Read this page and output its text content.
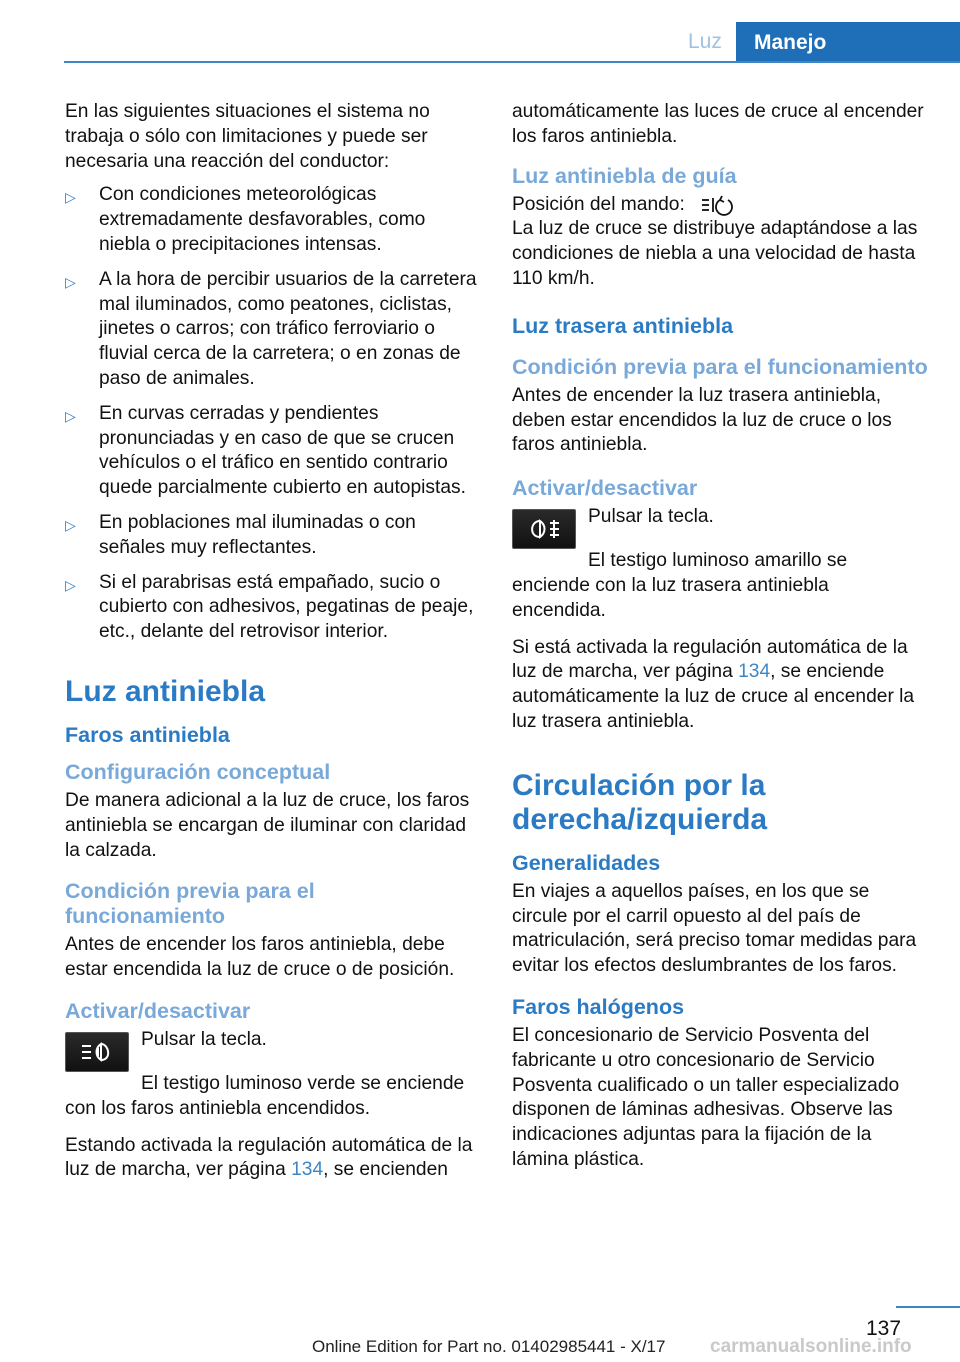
Luz	Manejo

En las siguientes situaciones el sistema no trabaja o sólo con limitaciones y puede ser necesaria una reacción del conductor:

▷ Con condiciones meteorológicas extremadamente desfavorables, como niebla o precipitaciones intensas.
▷ A la hora de percibir usuarios de la carretera mal iluminados, como peatones, ciclistas, jinetes o carros; con tráfico ferroviario o fluvial cerca de la carretera; o en zonas de paso de animales.
▷ En curvas cerradas y pendientes pronunciadas y en caso de que se crucen vehículos o el tráfico en sentido contrario quede parcialmente cubierto en autopistas.
▷ En poblaciones mal iluminadas o con señales muy reflectantes.
▷ Si el parabrisas está empañado, sucio o cubierto con adhesivos, pegatinas de peaje, etc., delante del retrovisor interior.
Luz antiniebla
Faros antiniebla
Configuración conceptual

De manera adicional a la luz de cruce, los faros antiniebla se encargan de iluminar con claridad la calzada.

Condición previa para el funcionamiento

Antes de encender los faros antiniebla, debe estar encendida la luz de cruce o de posición.

Activar/desactivar

Pulsar la tecla.

El testigo luminoso verde se enciende con los faros antiniebla encendidos.

Estando activada la regulación automática de la luz de marcha, ver página 134, se encienden

automáticamente las luces de cruce al encender los faros antiniebla.

Luz antiniebla de guía

Posición del mando:

La luz de cruce se distribuye adaptándose a las condiciones de niebla a una velocidad de hasta 110 km/h.

Luz trasera antiniebla
Condición previa para el funcionamiento

Antes de encender la luz trasera antiniebla, deben estar encendidos la luz de cruce o los faros antiniebla.

Activar/desactivar

Pulsar la tecla.

El testigo luminoso amarillo se enciende con la luz trasera antiniebla encendida.

Si está activada la regulación automática de la luz de marcha, ver página 134, se enciende automáticamente la luz de cruce al encender la luz trasera antiniebla.

Circulación por la derecha/izquierda
Generalidades

En viajes a aquellos países, en los que se circule por el carril opuesto al del país de matriculación, será preciso tomar medidas para evitar los efectos deslumbrantes de los faros.

Faros halógenos

El concesionario de Servicio Posventa del fabricante u otro concesionario de Servicio Posventa cualificado o un taller especializado disponen de láminas adhesivas. Observe las indicaciones adjuntas para la fijación de la lámina plástica.

137
Online Edition for Part no. 01402985441 - X/17 carmanualsonline.info
